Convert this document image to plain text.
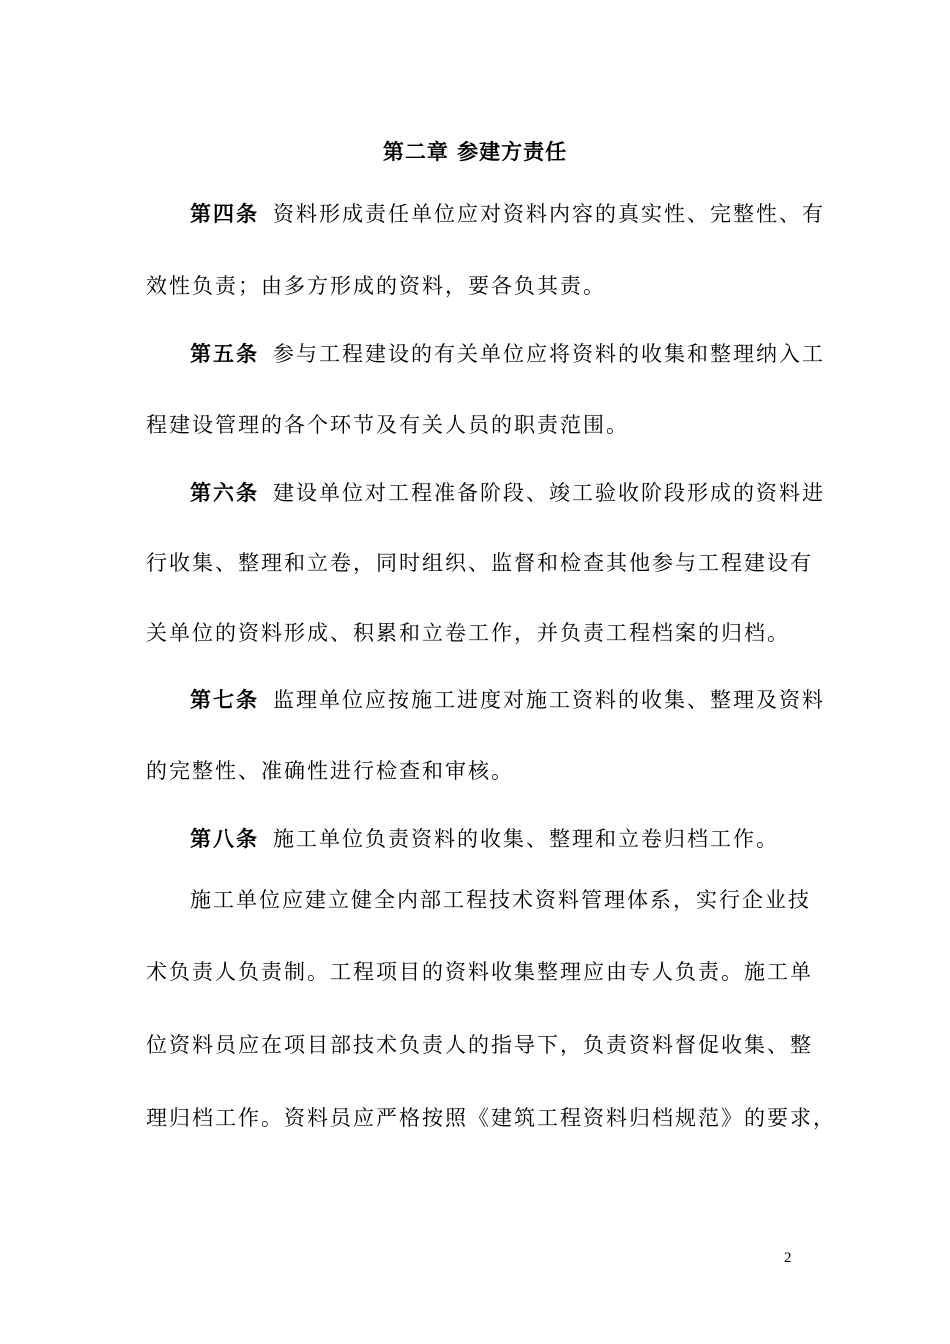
第二章 参建方责任
第四条 资料形成责任单位应对资料内容的真实性、完整性、有
效性负责；由多方形成的资料，要各负其责。
第五条 参与工程建设的有关单位应将资料的收集和整理纳入工
程建设管理的各个环节及有关人员的职责范围。
第六条 建设单位对工程准备阶段、竣工验收阶段形成的资料进
行收集、整理和立卷，同时组织、监督和检查其他参与工程建设有
关单位的资料形成、积累和立卷工作，并负责工程档案的归档。
第七条 监理单位应按施工进度对施工资料的收集、整理及资料
的完整性、准确性进行检查和审核。
第八条 施工单位负责资料的收集、整理和立卷归档工作。
施工单位应建立健全内部工程技术资料管理体系，实行企业技
术负责人负责制。工程项目的资料收集整理应由专人负责。施工单
位资料员应在项目部技术负责人的指导下，负责资料督促收集、整
理归档工作。资料员应严格按照《建筑工程资料归档规范》的要求，
2
